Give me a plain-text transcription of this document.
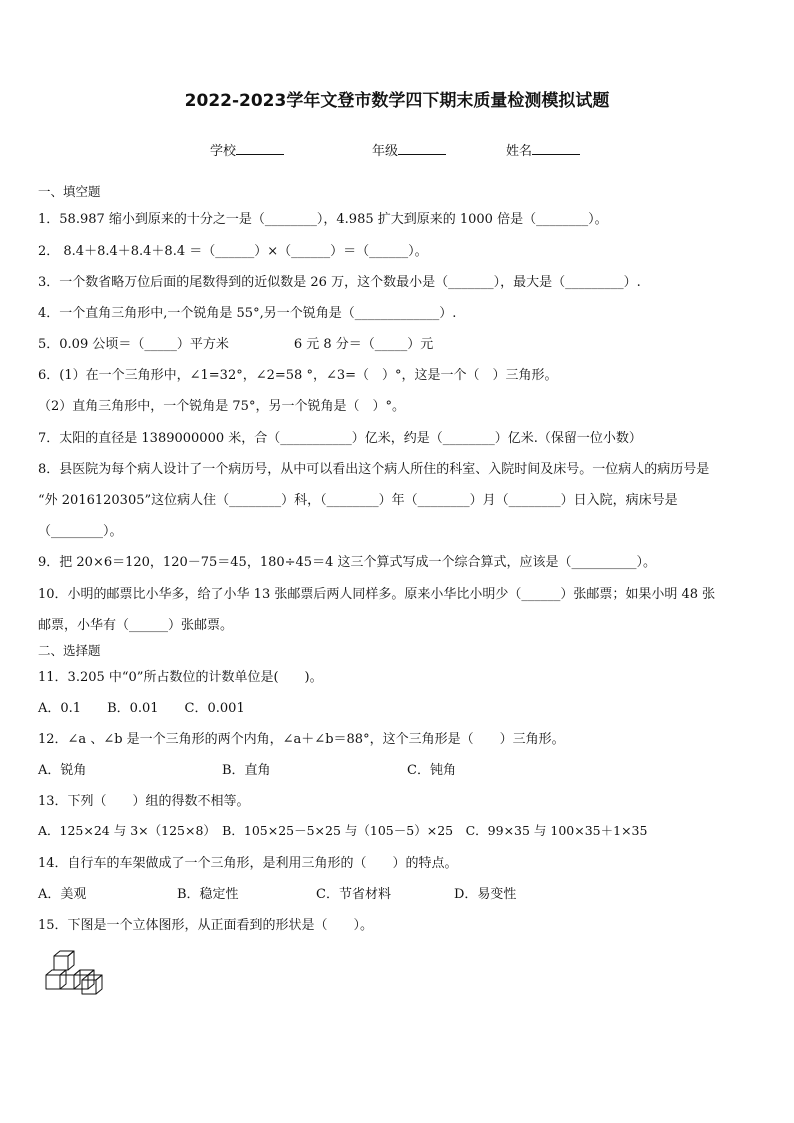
2022-2023学年文登市数学四下期末质量检测模拟试题
学校	年级	姓名
一、填空题
1．58.987 缩小到原来的十分之一是（________），4.985 扩大到原来的 1000 倍是（________）。
2． 8.4＋8.4＋8.4＋8.4 ＝（______）×（______）＝（______）。
3．一个数省略万位后面的尾数得到的近似数是 26 万，这个数最小是（_______），最大是（_________）.
4．一个直角三角形中,一个锐角是 55°,另一个锐角是（_____________）.
5．0.09 公顷＝（_____）平方米　　　　　6 元 8 分＝（_____）元
6．(1）在一个三角形中，∠1=32°，∠2=58 °，∠3=（　）°，这是一个（　）三角形。
（2）直角三角形中，一个锐角是 75°，另一个锐角是（　）°。
7．太阳的直径是 1389000000 米，合（___________）亿米，约是（________）亿米.（保留一位小数）
8．县医院为每个病人设计了一个病历号，从中可以看出这个病人所住的科室、入院时间及床号。一位病人的病历号是
“外 2016120305”这位病人住（________）科，（________）年（________）月（________）日入院，病床号是
（________）。
9．把 20×6＝120，120－75＝45，180÷45＝4 这三个算式写成一个综合算式，应该是（__________）。
10．小明的邮票比小华多，给了小华 13 张邮票后两人同样多。原来小华比小明少（______）张邮票；如果小明 48 张
邮票，小华有（______）张邮票。
二、选择题
11．3.205 中“0”所占数位的计数单位是(　　)。
A．0.1　　B．0.01　　C．0.001
12．∠a 、∠b 是一个三角形的两个内角，∠a＋∠b＝88°，这个三角形是（　　）三角形。
A．锐角	B．直角	C．钝角
13．下列（　　）组的得数不相等。
A．125×24 与 3×（125×8）　B．105×25－5×25 与（105－5）×25　C．99×35 与 100×35＋1×35
14．自行车的车架做成了一个三角形，是利用三角形的（　　）的特点。
A．美观	B．稳定性	C．节省材料	D．易变性
15．下图是一个立体图形，从正面看到的形状是（　　）。
